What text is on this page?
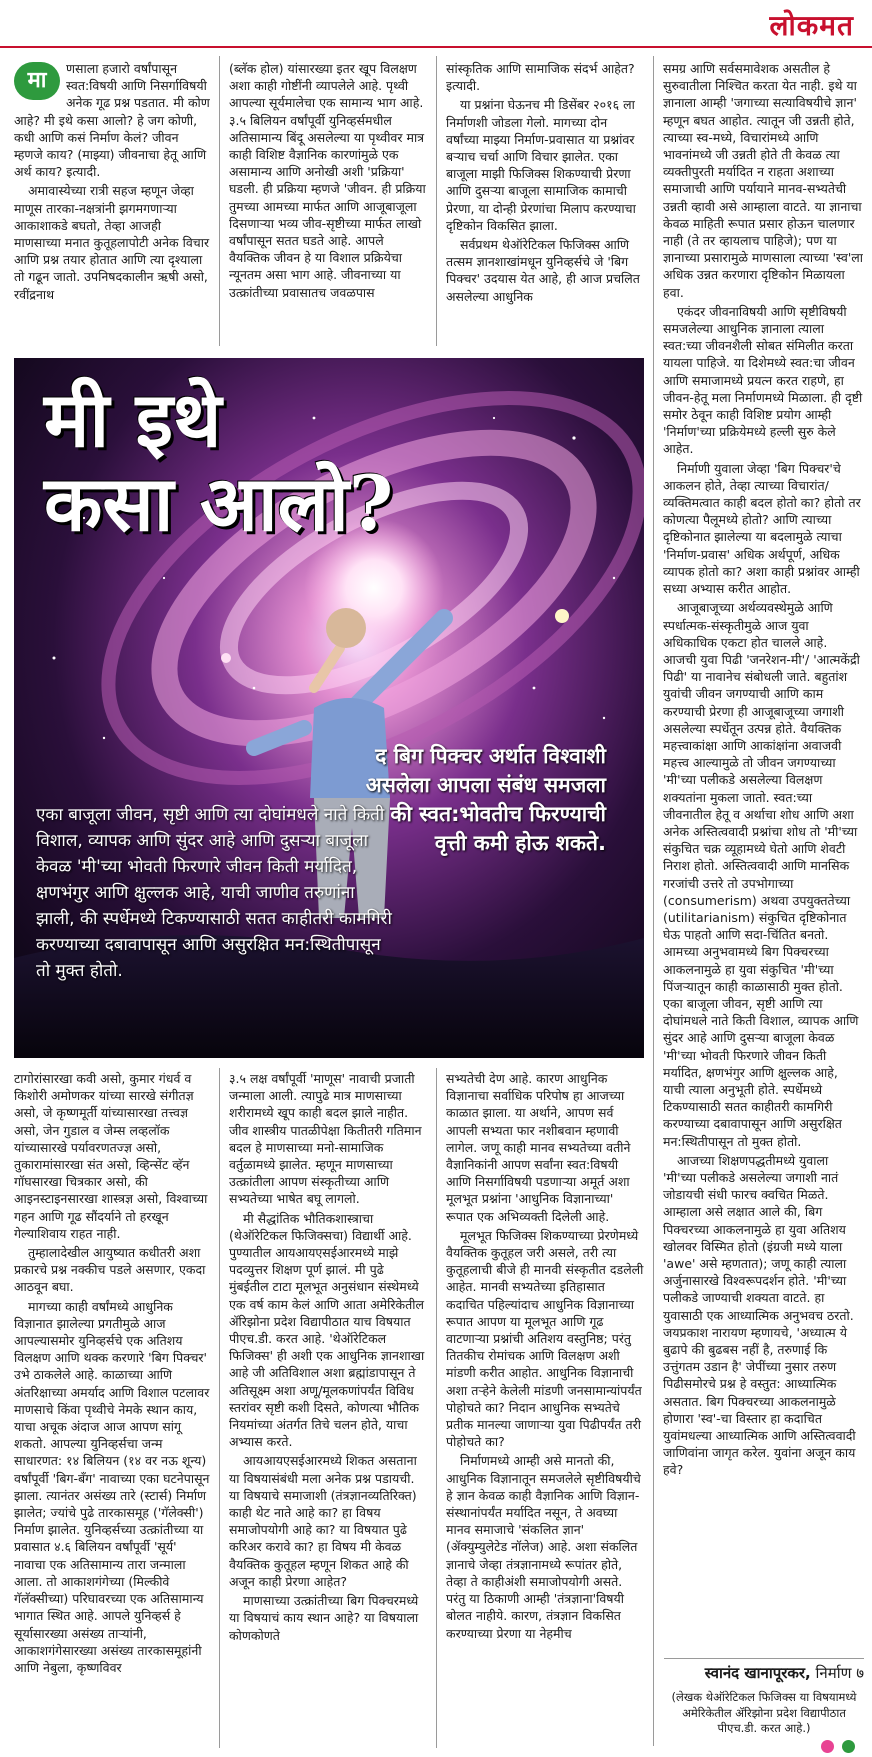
लोकमत
मा	णसाला हजारो वर्षांपासून स्वत:विषयी आणि निसर्गाविषयी अनेक गूढ प्रश्न पडतात. मी कोण आहे? मी इथे कसा आलो? हे जग कोणी, कधी आणि कसं निर्माण केलं? जीवन म्हणजे काय? (माझ्या) जीवनाचा हेतू आणि अर्थ काय? इत्यादी.

अमावास्येच्या रात्री सहज म्हणून जेव्हा माणूस तारका-नक्षत्रांनी झगमगणाऱ्या आकाशाकडे बघतो, तेव्हा आजही माणसाच्या मनात कुतूहलापोटी अनेक विचार आणि प्रश्न तयार होतात आणि त्या दृश्याला तो गढून जातो. उपनिषदकालीन ऋषी असो, रवींद्रनाथ

(ब्लॅक होल) यांसारख्या इतर खूप विलक्षण अशा काही गोष्टींनी व्यापलेले आहे. पृथ्वी आपल्या सूर्यमालेचा एक सामान्य भाग आहे. ३.५ बिलियन वर्षांपूर्वी युनिव्हर्समधील अतिसामान्य बिंदू असलेल्या या पृथ्वीवर मात्र काही विशिष्ट वैज्ञानिक कारणांमुळे एक असामान्य आणि अनोखी अशी 'प्रक्रिया' घडली. ही प्रक्रिया म्हणजे 'जीवन. ही प्रक्रिया तुमच्या आमच्या मार्फत आणि आजूबाजूला दिसणाऱ्या भव्य जीव-सृष्टीच्या मार्फत लाखो वर्षांपासून सतत घडते आहे. आपले वैयक्तिक जीवन हे या विशाल प्रक्रियेचा न्यूनतम असा भाग आहे. जीवनाच्या या उत्क्रांतीच्या प्रवासातच जवळपास

सांस्कृतिक आणि सामाजिक संदर्भ आहेत? इत्यादी.

या प्रश्नांना घेऊनच मी डिसेंबर २०१६ ला निर्माणशी जोडला गेलो. मागच्या दोन वर्षांच्या माझ्या निर्माण-प्रवासात या प्रश्नांवर बऱ्याच चर्चा आणि विचार झालेत. एका बाजूला माझी फिजिक्स शिकण्याची प्रेरणा आणि दुसऱ्या बाजूला सामाजिक कामाची प्रेरणा, या दोन्ही प्रेरणांचा मिलाप करण्याचा दृष्टिकोन विकसित झाला.

सर्वप्रथम थेऑरेटिकल फिजिक्स आणि तत्सम ज्ञानशाखांमधून युनिव्हर्सचे जे 'बिग पिक्चर' उदयास येत आहे, ही आज प्रचलित असलेल्या आधुनिक

समग्र आणि सर्वसमावेशक असतील हे सुरुवातीला निश्चित करता येत नाही. इथे या ज्ञानाला आम्ही 'जगाच्या सत्याविषयीचे ज्ञान' म्हणून बघत आहोत. त्यातून जी उन्नती होते, त्याच्या स्व-मध्ये, विचारांमध्ये आणि भावनांमध्ये जी उन्नती होते ती केवळ त्या व्यक्तीपुरती मर्यादित न राहता अशाच्या समाजाची आणि पर्यायाने मानव-सभ्यतेची उन्नती व्हावी असे आम्हाला वाटते. या ज्ञानाचा केवळ माहिती रूपात प्रसार होऊन चालणार नाही (ते तर व्हायलाच पाहिजे); पण या ज्ञानाच्या प्रसारामुळे माणसाला त्याच्या 'स्व'ला अधिक उन्नत करणारा दृष्टिकोन मिळायला हवा.

एकंदर जीवनाविषयी आणि सृष्टीविषयी समजलेल्या आधुनिक ज्ञानाला त्याला स्वत:च्या जीवनशैली सोबत संमिलीत करता यायला पाहिजे. या दिशेमध्ये स्वत:चा जीवन आणि समाजामध्ये प्रयत्न करत राहणे, हा जीवन-हेतू मला निर्माणमध्ये मिळाला. ही दृष्टी समोर ठेवून काही विशिष्ट प्रयोग आम्ही 'निर्माण'च्या प्रक्रियेमध्ये हल्ली सुरु केले आहेत.

निर्माणी युवाला जेव्हा 'बिग पिक्चर'चे आकलन होते, तेव्हा त्याच्या विचारांत/ व्यक्तिमत्वात काही बदल होतो का? होतो तर कोणत्या पैलूमध्ये होतो? आणि त्याच्या दृष्टिकोनात झालेल्या या बदलामुळे त्याचा 'निर्माण-प्रवास' अधिक अर्थपूर्ण, अधिक व्यापक होतो का? अशा काही प्रश्नांवर आम्ही सध्या अभ्यास करीत आहोत.

आजूबाजूच्या अर्थव्यवस्थेमुळे आणि स्पर्धात्मक-संस्कृतीमुळे आज युवा अधिकाधिक एकटा होत चालले आहे. आजची युवा पिढी 'जनरेशन-मी'/ 'आत्मकेंद्री पिढी' या नावानेच संबोधली जाते. बहुतांश युवांची जीवन जगण्याची आणि काम करण्याची प्रेरणा ही आजूबाजूच्या जगाशी असलेल्या स्पर्धेतून उत्पन्न होते. वैयक्तिक महत्त्वाकांक्षा आणि आकांक्षांना अवाजवी महत्त्व आल्यामुळे तो जीवन जगण्याच्या 'मी'च्या पलीकडे असलेल्या विलक्षण शक्यतांना मुकला जातो. स्वत:च्या जीवनातील हेतू व अर्थाचा शोध आणि अशा अनेक अस्तित्ववादी प्रश्नांचा शोध तो 'मी'च्या संकुचित चक्र व्यूहामध्ये घेतो आणि शेवटी निराश होतो. अस्तित्ववादी आणि मानसिक गरजांची उत्तरे तो उपभोगाच्या (consumerism) अथवा उपयुक्ततेच्या (utilitarianism) संकुचित दृष्टिकोनात घेऊ पाहतो आणि सदा-चिंतित बनतो. आमच्या अनुभवामध्ये बिग पिक्चरच्या आकलनामुळे हा युवा संकुचित 'मी'च्या पिंजऱ्यातून काही काळासाठी मुक्त होतो. एका बाजूला जीवन, सृष्टी आणि त्या दोघांमधले नाते किती विशाल, व्यापक आणि सुंदर आहे आणि दुसऱ्या बाजूला केवळ 'मी'च्या भोवती फिरणारे जीवन किती मर्यादित, क्षणभंगुर आणि क्षुल्लक आहे, याची त्याला अनुभूती होते. स्पर्धेमध्ये टिकण्यासाठी सतत काहीतरी कामगिरी करण्याच्या दबावापासून आणि असुरक्षित मन:स्थितीपासून तो मुक्त होतो.

आजच्या शिक्षणपद्धतीमध्ये युवाला 'मी'च्या पलीकडे असलेल्या जगाशी नातं जोडायची संधी फारच क्वचित मिळते. आम्हाला असे लक्षात आले की, बिग पिक्चरच्या आकलनामुळे हा युवा अतिशय खोलवर विस्मित होतो (इंग्रजी मध्ये याला 'awe' असे म्हणतात); जणू काही त्याला अर्जुनासारखे विश्वरूपदर्शन होते. 'मी'च्या पलीकडे जाण्याची शक्यता वाटते. हा युवासाठी एक आध्यात्मिक अनुभवच ठरतो. जयप्रकाश नारायण म्हणायचे, 'अध्यात्म ये बुढापे की बुढबस नहीं है, तरुणाई कि उत्तुंगतम उडान है' जेपींच्या नुसार तरुण पिढीसमोरचे प्रश्न हे वस्तुत: आध्यात्मिक असतात. बिग पिक्चरच्या आकलनामुळे होणारा 'स्व'-चा विस्तार हा कदाचित युवांमधल्या आध्यात्मिक आणि अस्तित्ववादी जाणिवांना जागृत करेल. युवांना अजून काय हवे?

मी इथे
कसा आलो?
द बिग पिक्चर अर्थात विश्वाशी असलेला आपला संबंध समजला की स्वत:भोवतीच फिरण्याची वृत्ती कमी होऊ शकते.
एका बाजूला जीवन, सृष्टी आणि त्या दोघांमधले नाते किती विशाल, व्यापक आणि सुंदर आहे आणि दुसऱ्या बाजूला केवळ 'मी'च्या भोवती फिरणारे जीवन किती मर्यादित, क्षणभंगुर आणि क्षुल्लक आहे, याची जाणीव तरुणांना झाली, की स्पर्धेमध्ये टिकण्यासाठी सतत काहीतरी कामगिरी करण्याच्या दबावापासून आणि असुरक्षित मन:स्थितीपासून तो मुक्त होतो.

टागोरांसारखा कवी असो, कुमार गंधर्व व किशोरी अमोणकर यांच्या सारखे संगीतज्ञ असो, जे कृष्णमूर्ती यांच्यासारखा तत्त्वज्ञ असो, जेन गुडाल व जेम्स लव्हलॉक यांच्यासारखे पर्यावरणतज्ज्ञ असो, तुकारामांसारखा संत असो, व्हिन्सेंट व्हॅन गॉघसारखा चित्रकार असो, की आइनस्टाइनसारखा शास्त्रज्ञ असो, विश्वाच्या गहन आणि गूढ सौंदर्याने तो हरखून गेल्याशिवाय राहत नाही.

तुम्हालादेखील आयुष्यात कधीतरी अशा प्रकारचे प्रश्न नक्कीच पडले असणार, एकदा आठवून बघा.

मागच्या काही वर्षांमध्ये आधुनिक विज्ञानात झालेल्या प्रगतीमुळे आज आपल्यासमोर युनिव्हर्सचे एक अतिशय विलक्षण आणि थक्क करणारे 'बिग पिक्चर' उभे ठाकलेले आहे. काळाच्या आणि अंतरिक्षाच्या अमर्याद आणि विशाल पटलावर माणसाचे किंवा पृथ्वीचे नेमके स्थान काय, याचा अचूक अंदाज आज आपण सांगू शकतो. आपल्या युनिव्हर्सचा जन्म साधारणत: १४ बिलियन (१४ वर नऊ शून्य) वर्षांपूर्वी 'बिग-बँग' नावाच्या एका घटनेपासून झाला. त्यानंतर असंख्य तारे (स्टार्स) निर्माण झालेत; ज्यांचे पुढे तारकासमूह ('गॅलेक्सी') निर्माण झालेत. युनिव्हर्सच्या उत्क्रांतीच्या या प्रवासात ४.६ बिलियन वर्षांपूर्वी 'सूर्य' नावाचा एक अतिसामान्य तारा जन्माला आला. तो आकाशगंगेच्या (मिल्कीवे गॅलॅक्सीच्या) परिघावरच्या एक अतिसामान्य भागात स्थित आहे. आपले युनिव्हर्स हे सूर्यासारख्या असंख्य ताऱ्यांनी, आकाशगंगेसारख्या असंख्य तारकासमूहांनी आणि नेबुला, कृष्णविवर

३.५ लक्ष वर्षांपूर्वी 'माणूस' नावाची प्रजाती जन्माला आली. त्यापुढे मात्र माणसाच्या शरीरामध्ये खूप काही बदल झाले नाहीत. जीव शास्त्रीय पातळीपेक्षा कितीतरी गतिमान बदल हे माणसाच्या मनो-सामाजिक वर्तुळामध्ये झालेत. म्हणून माणसाच्या उत्क्रांतीला आपण संस्कृतीच्या आणि सभ्यतेच्या भाषेत बघू लागलो.

मी सैद्धांतिक भौतिकशास्त्राचा (थेऑरेटिकल फिजिक्सचा) विद्यार्थी आहे. पुण्यातील आयआयएसईआरमध्ये माझे पदव्युत्तर शिक्षण पूर्ण झालं. मी पुढे मुंबईतील टाटा मूलभूत अनुसंधान संस्थेमध्ये एक वर्ष काम केलं आणि आता अमेरिकेतील ॲरिझोना प्रदेश विद्यापीठात याच विषयात पीएच.डी. करत आहे. 'थेऑरेटिकल फिजिक्स' ही अशी एक आधुनिक ज्ञानशाखा आहे जी अतिविशाल अशा ब्रह्मांडापासून ते अतिसूक्ष्म अशा अणू/मूलकणांपर्यंत विविध स्तरांवर सृष्टी कशी दिसते, कोणत्या भौतिक नियमांच्या अंतर्गत तिचे चलन होते, याचा अभ्यास करते.

आयआयएसईआरमध्ये शिकत असताना या विषयासंबंधी मला अनेक प्रश्न पडायची. या विषयाचे समाजाशी (तंत्रज्ञानव्यतिरिक्त) काही थेट नाते आहे का? हा विषय समाजोपयोगी आहे का? या विषयात पुढे करिअर करावे का? हा विषय मी केवळ वैयक्तिक कुतूहल म्हणून शिकत आहे की अजून काही प्रेरणा आहेत?

माणसाच्या उत्क्रांतीच्या बिग पिक्चरमध्ये या विषयाचं काय स्थान आहे? या विषयाला कोणकोणते

सभ्यतेची देण आहे. कारण आधुनिक विज्ञानाचा सर्वाधिक परिपोष हा आजच्या काळात झाला. या अर्थाने, आपण सर्व आपली सभ्यता फार नशीबवान म्हणावी लागेल. जणू काही मानव सभ्यतेच्या वतीने वैज्ञानिकांनी आपण सर्वांना स्वत:विषयी आणि निसर्गाविषयी पडणाऱ्या अमूर्त अशा मूलभूत प्रश्नांना 'आधुनिक विज्ञानाच्या' रूपात एक अभिव्यक्ती दिलेली आहे.

मूलभूत फिजिक्स शिकण्याच्या प्रेरणेमध्ये वैयक्तिक कुतूहल जरी असले, तरी त्या कुतूहलाची बीजे ही मानवी संस्कृतीत दडलेली आहेत. मानवी सभ्यतेच्या इतिहासात कदाचित पहिल्यांदाच आधुनिक विज्ञानाच्या रूपात आपण या मूलभूत आणि गूढ वाटणाऱ्या प्रश्नांची अतिशय वस्तुनिष्ठ; परंतु तितकीच रोमांचक आणि विलक्षण अशी मांडणी करीत आहोत. आधुनिक विज्ञानाची अशा तऱ्हेने केलेली मांडणी जनसामान्यांपर्यंत पोहोचते का? निदान आधुनिक सभ्यतेचे प्रतीक मानल्या जाणाऱ्या युवा पिढीपर्यंत तरी पोहोचते का?

निर्माणमध्ये आम्ही असे मानतो की, आधुनिक विज्ञानातून समजलेले सृष्टीविषयीचे हे ज्ञान केवळ काही वैज्ञानिक आणि विज्ञान-संस्थानांपर्यंत मर्यादित नसून, ते अवघ्या मानव समाजाचे 'संकलित ज्ञान' (ॲक्युम्युलेटेड नॉलेज) आहे. अशा संकलित ज्ञानाचे जेव्हा तंत्रज्ञानामध्ये रूपांतर होते, तेव्हा ते काहीअंशी समाजोपयोगी असते. परंतु या ठिकाणी आम्ही 'तंत्रज्ञाना'विषयी बोलत नाहीये. कारण, तंत्रज्ञान विकसित करण्याच्या प्रेरणा या नेहमीच

स्वानंद खानापूरकर, निर्माण ७
(लेखक थेऑरेटिकल फिजिक्स या विषयामध्ये अमेरिकेतील ॲरिझोना प्रदेश विद्यापीठात पीएच.डी. करत आहे.)
